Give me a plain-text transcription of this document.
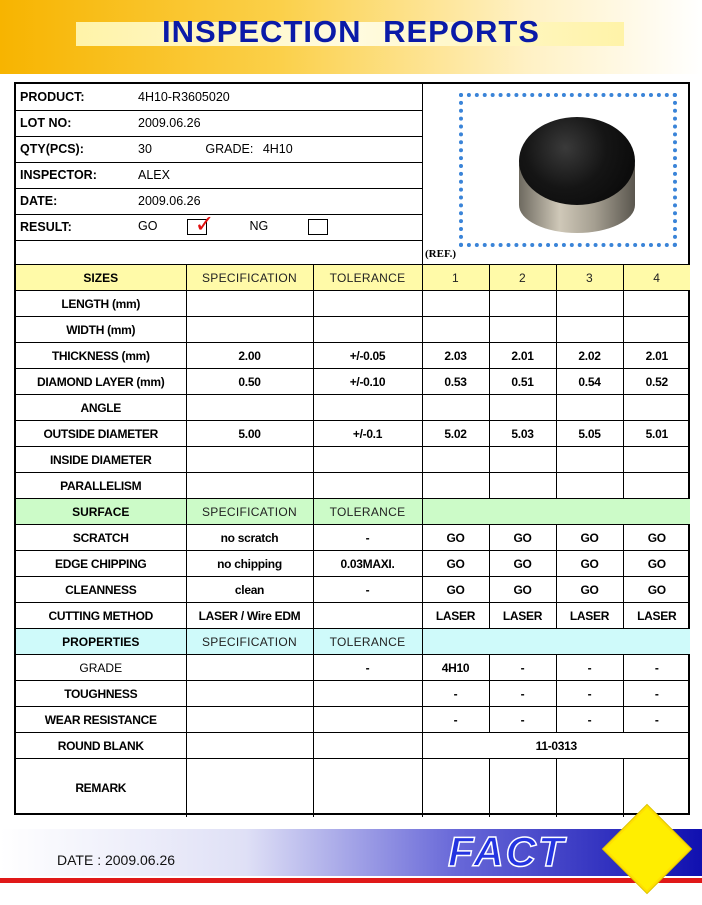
INSPECTION REPORTS
PRODUCT:	4H10-R3605020
LOT NO:	2009.06.26
QTY(PCS):	30 GRADE: 4H10
INSPECTOR:	ALEX
DATE:	2009.06.26
RESULT:	GO ✓ NG

(REF.)
SIZES	SPECIFICATION	TOLERANCE	1	2	3	4
LENGTH (mm)						
WIDTH (mm)						
THICKNESS (mm)	2.00	+/-0.05	2.03	2.01	2.02	2.01
DIAMOND LAYER (mm)	0.50	+/-0.10	0.53	0.51	0.54	0.52
ANGLE						
OUTSIDE DIAMETER	5.00	+/-0.1	5.02	5.03	5.05	5.01
INSIDE DIAMETER						
PARALLELISM						
SURFACE	SPECIFICATION	TOLERANCE				
SCRATCH	no scratch	-	GO	GO	GO	GO
EDGE CHIPPING	no chipping	0.03MAXI.	GO	GO	GO	GO
CLEANNESS	clean	-	GO	GO	GO	GO
CUTTING METHOD	LASER / Wire EDM		LASER	LASER	LASER	LASER
PROPERTIES	SPECIFICATION	TOLERANCE				
GRADE		-	4H10	-	-	-
TOUGHNESS			-	-	-	-
WEAR RESISTANCE			-	-	-	-
ROUND BLANK			11-0313			
REMARK						
DATE : 2009.06.26	FACT
